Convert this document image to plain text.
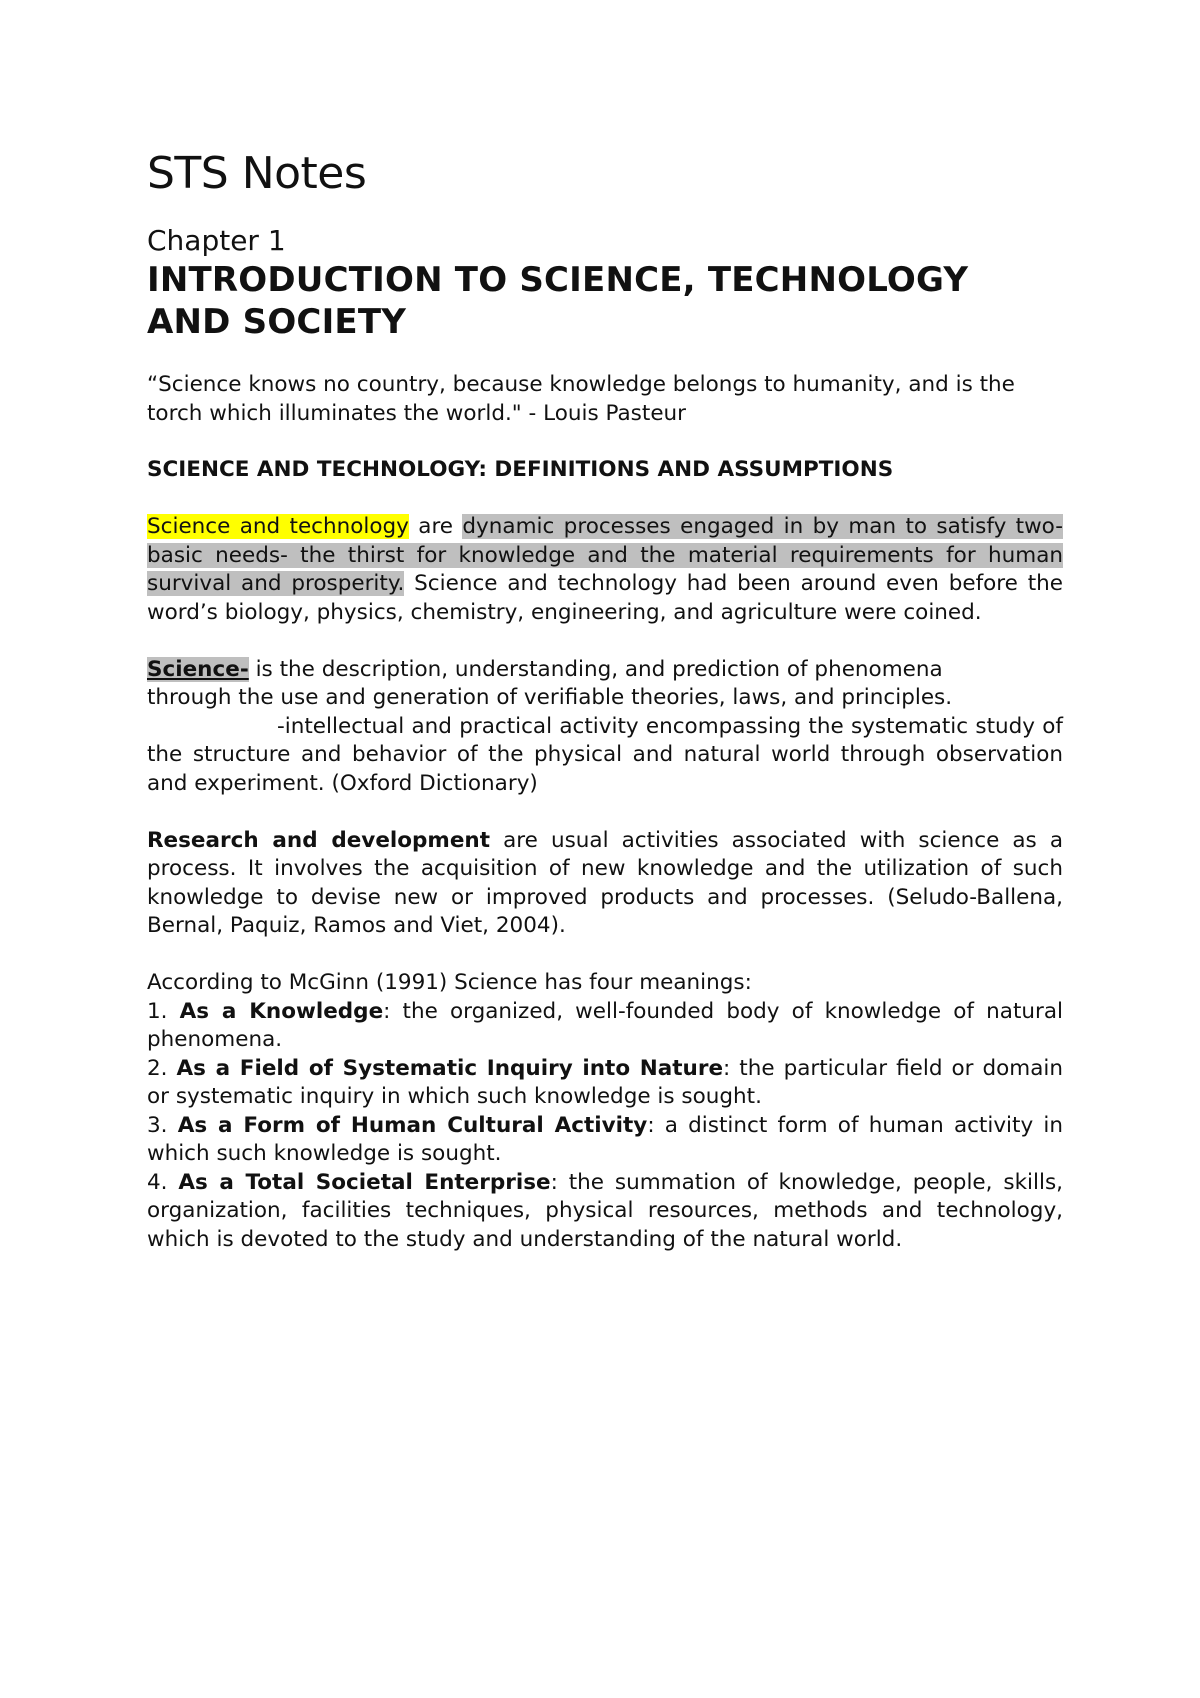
STS Notes
Chapter 1
INTRODUCTION TO SCIENCE, TECHNOLOGY
AND SOCIETY

“Science knows no country, because knowledge belongs to humanity, and is the torch which illuminates the world." - Louis Pasteur

SCIENCE AND TECHNOLOGY: DEFINITIONS AND ASSUMPTIONS

Science and technology are dynamic processes engaged in by man to satisfy two-basic needs- the thirst for knowledge and the material requirements for human survival and prosperity. Science and technology had been around even before the word’s biology, physics, chemistry, engineering, and agriculture were coined.

Science- is the description, understanding, and prediction of phenomena
through the use and generation of verifiable theories, laws, and principles.

-intellectual and practical activity encompassing the systematic study of the structure and behavior of the physical and natural world through observation and experiment. (Oxford Dictionary)

Research and development are usual activities associated with science as a process. It involves the acquisition of new knowledge and the utilization of such knowledge to devise new or improved products and processes. (Seludo-Ballena, Bernal, Paquiz, Ramos and Viet, 2004).

According to McGinn (1991) Science has four meanings:

1. As a Knowledge: the organized, well-founded body of knowledge of natural phenomena.

2. As a Field of Systematic Inquiry into Nature: the particular field or domain or systematic inquiry in which such knowledge is sought.

3. As a Form of Human Cultural Activity: a distinct form of human activity in which such knowledge is sought.

4. As a Total Societal Enterprise: the summation of knowledge, people, skills, organization, facilities techniques, physical resources, methods and technology, which is devoted to the study and understanding of the natural world.
